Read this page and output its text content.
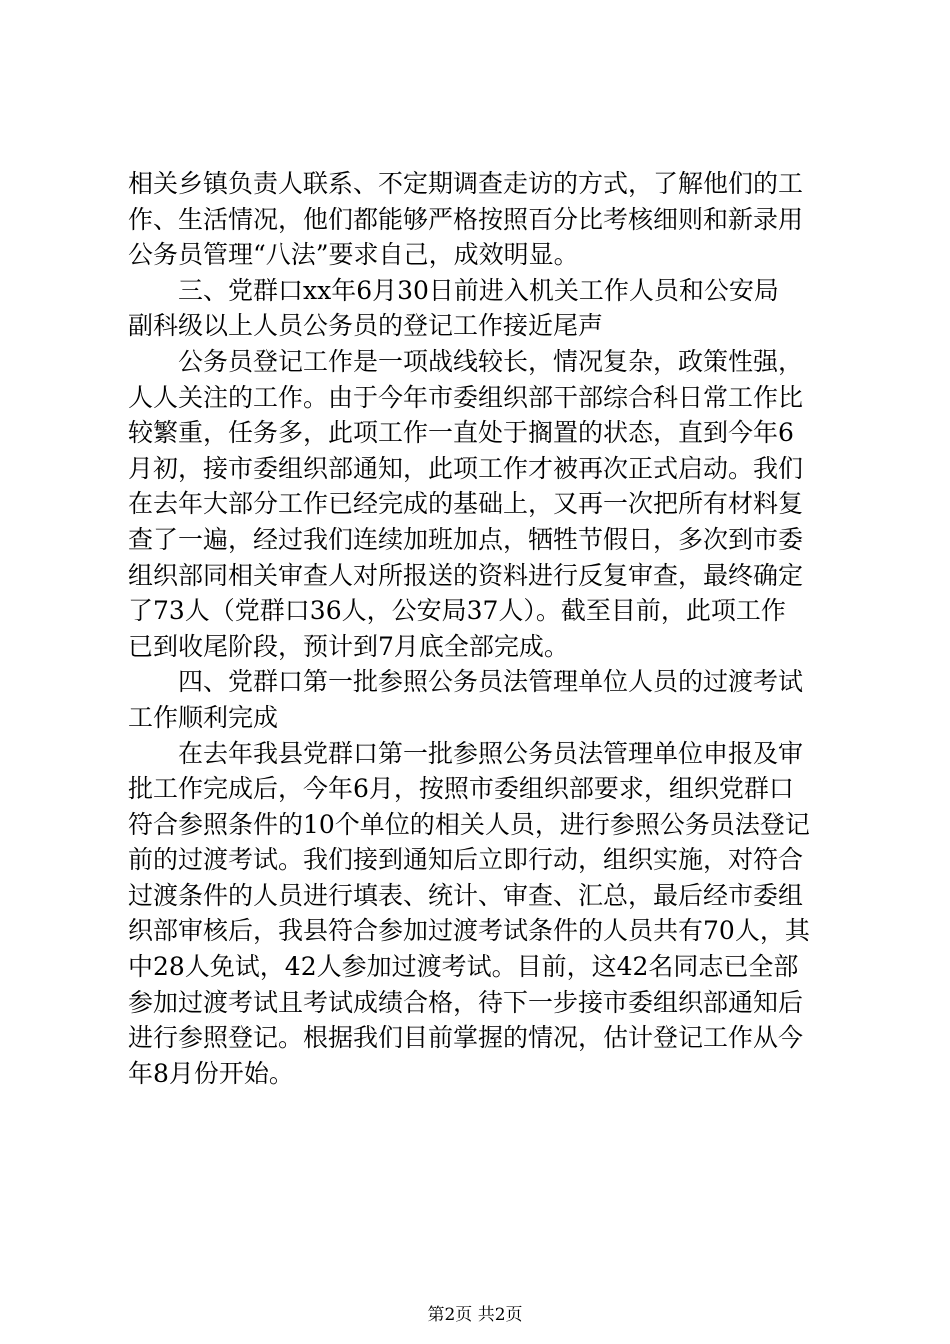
相关乡镇负责人联系、不定期调查走访的方式，了解他们的工
作、生活情况，他们都能够严格按照百分比考核细则和新录用
公务员管理“八法”要求自己，成效明显。
三、党群口xx年6月30日前进入机关工作人员和公安局
副科级以上人员公务员的登记工作接近尾声
公务员登记工作是一项战线较长，情况复杂，政策性强，
人人关注的工作。由于今年市委组织部干部综合科日常工作比
较繁重，任务多，此项工作一直处于搁置的状态，直到今年6
月初，接市委组织部通知，此项工作才被再次正式启动。我们
在去年大部分工作已经完成的基础上，又再一次把所有材料复
查了一遍，经过我们连续加班加点，牺牲节假日，多次到市委
组织部同相关审查人对所报送的资料进行反复审查，最终确定
了73人（党群口36人，公安局37人）。截至目前，此项工作
已到收尾阶段，预计到7月底全部完成。
四、党群口第一批参照公务员法管理单位人员的过渡考试
工作顺利完成
在去年我县党群口第一批参照公务员法管理单位申报及审
批工作完成后，今年6月，按照市委组织部要求，组织党群口
符合参照条件的10个单位的相关人员，进行参照公务员法登记
前的过渡考试。我们接到通知后立即行动，组织实施，对符合
过渡条件的人员进行填表、统计、审查、汇总，最后经市委组
织部审核后，我县符合参加过渡考试条件的人员共有70人，其
中28人免试，42人参加过渡考试。目前，这42名同志已全部
参加过渡考试且考试成绩合格，待下一步接市委组织部通知后
进行参照登记。根据我们目前掌握的情况，估计登记工作从今
年8月份开始。
第2页 共2页
